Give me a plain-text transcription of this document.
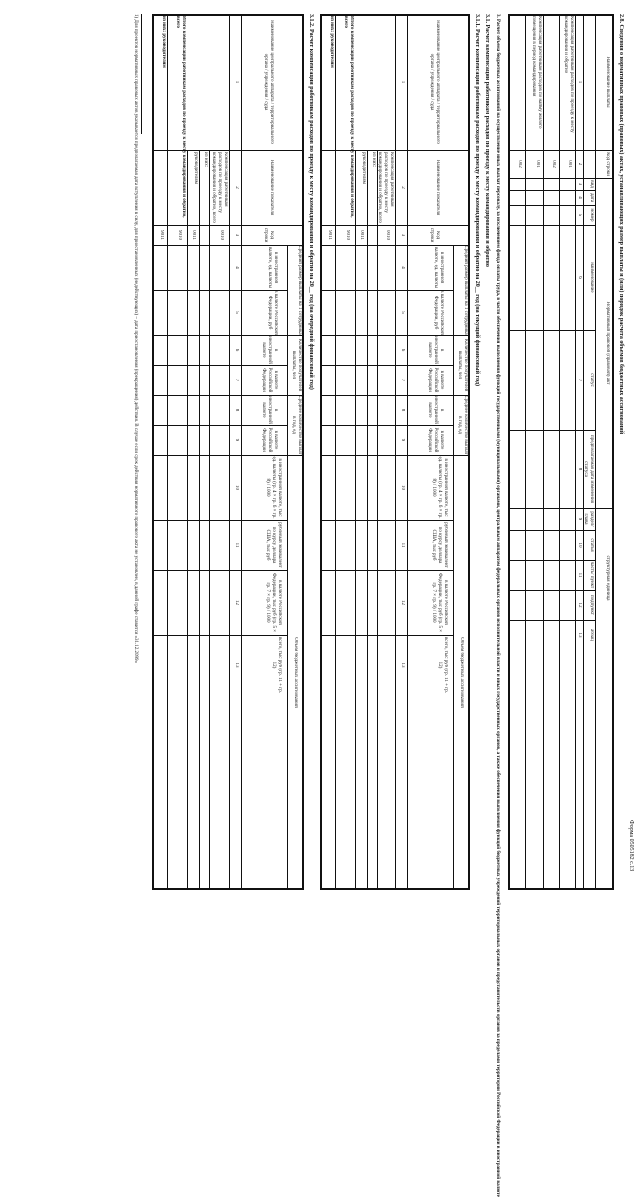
Форма 0505182 с.13
2.8. Сведения о нормативных правовых (правовых) актах, устанавливающих размер выплаты и (или) порядок расчета объемов бюджетных ассигнований
Наименование выплаты
Код строки
Нормативный правовой (правовой) акт
структурная единица
вид
дата
номер
наименование
статус
предполагаемая дата изменения статуса
раздел/ глава
статья
часть/ пункт
подпункт
абзац
1
2
3
4
5
6
7
8
9
10
11
12
13
Компенсация работникам расходов по проезду к месту командирования и обратно
001
002
Компенсация работникам расходов по найму жилого помещения в период командирования
001
002
3. Расчет объема бюджетных ассигнований на осуществление иных выплат персоналу, за исключением фонда оплаты труда, в части обеспечения выполнения функций государственными (муниципальными) органами, центральным аппаратом федеральных органов исполнительной власти и иных государственных органов, а также обеспечения выполнения функций бюджетных учреждений территориальных органов и представительств органов за пределами территории Российской Федерации в иностранной валюте
3.1. Расчет компенсации работникам расходов по проезду к месту командирования и обратно
3.1.1. Расчет компенсации работникам расходов по проезду к месту командирования и обратно на 20__ год (на текущий финансовый год)
Наименование центрального аппарата / территориального органа / учреждения / суда
Наименование показателя
Код строки
Средний размер выплаты на 1 сотрудника
Количество получателей выплаты, чел
Среднее количество выплат в год, ед
Объем бюджетных ассигнований
в иностранной валюте, ед. валюты
в валюте Российской Федерации, руб
в иностранной валюте
в валюте Российской Федерации
в иностранной валюте
в валюте Российской Федерации
в иностранной валюте, тыс ед. валюты (гр. 4 × гр. 6 × гр. 8) / 1000
рублевый эквивалент по курсу доллара США, тыс руб
в валюте Российской Федерации, тыс руб (гр. 5 × гр. 7 × гр. 9) / 1000
всего, тыс руб (гр. 11 + гр. 12)
1
2
3
4
5
6
7
8
9
10
11
12
13
Компенсация работникам расходов по проезду к месту командирования и обратно, всего
0010
из них:
руководителям
0011
Итого компенсации работникам расходов по проезду к месту командирования и обратно, всего
9010
из них: руководителям
9011
3.1.2. Расчет компенсации работникам расходов по проезду к месту командирования и обратно на 20__ год (на очередной финансовый год)
Наименование центрального аппарата / территориального органа / учреждения / суда
Наименование показателя
Код строки
Средний размер выплаты на 1 сотрудника
Количество получателей выплаты, чел
Среднее количество выплат в год, ед
Объем бюджетных ассигнований
в иностранной валюте, ед. валюты
в валюте Российской Федерации, руб
в иностранной валюте
в валюте Российской Федерации
в иностранной валюте
в валюте Российской Федерации
в иностранной валюте, тыс ед. валюты (гр. 4 × гр. 6 × гр. 8) / 1000
рублевый эквивалент по курсу доллара США, тыс руб
в валюте Российской Федерации, тыс руб (гр. 5 × гр. 7 × гр. 9) / 1000
всего, тыс руб (гр. 11 + гр. 12)
1
2
3
4
5
6
7
8
9
10
11
12
13
Компенсация работникам расходов по проезду к месту командирования и обратно, всего
0010
из них:
руководителям
0011
Итого компенсации работникам расходов по проезду к месту командирования и обратно, всего
9010
из них: руководителям
9011
1) Для проектов нормативных правовых актов указывается предполагаемая дата вступления в силу, для приостановленных (недействующих) – дата приостановления (прекращения) действия. В случае если срок действия нормативного правового акта не установлен, в данной графе ставится «31.12.2099»
